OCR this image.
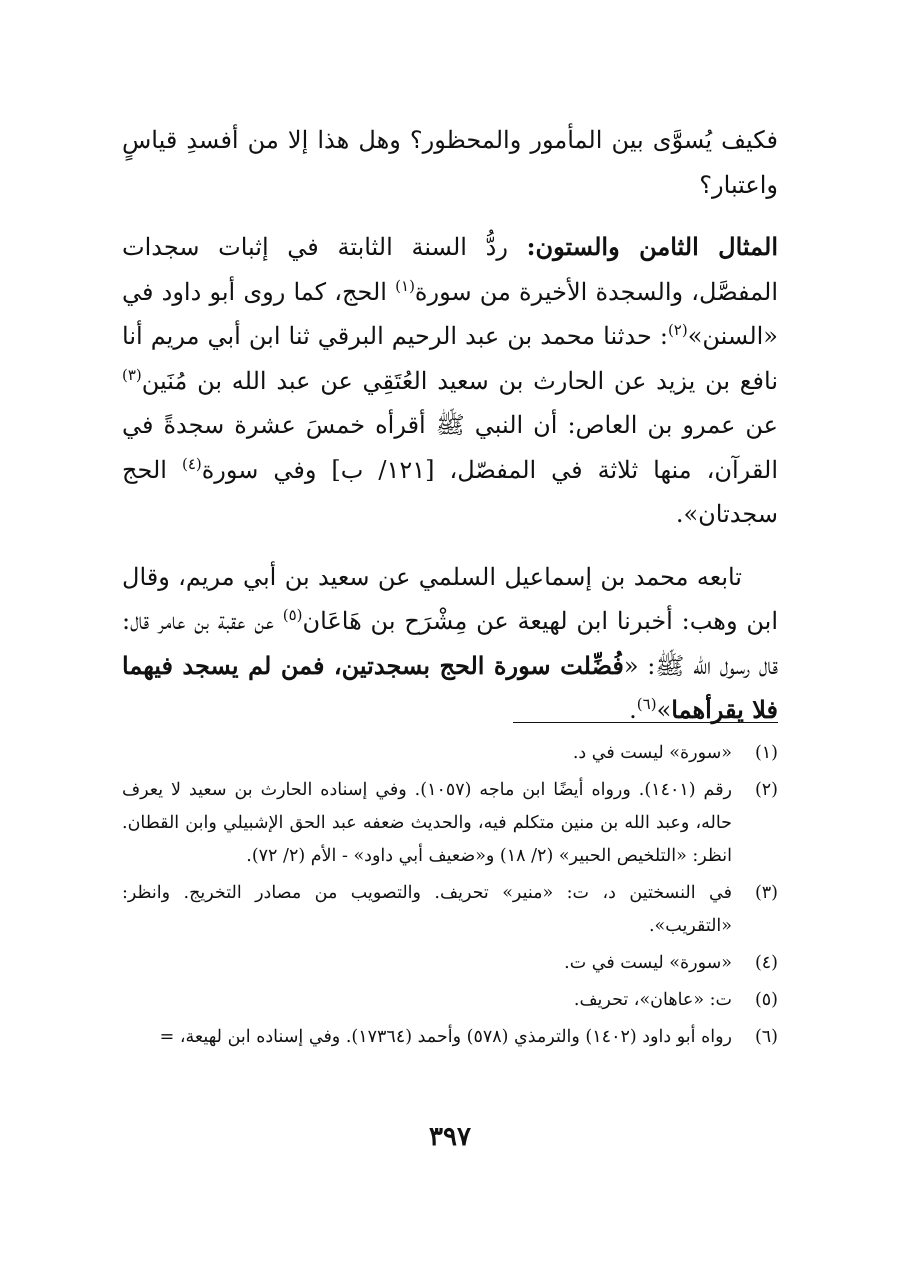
فكيف يُسوَّى بين المأمور والمحظور؟ وهل هذا إلا من أفسدِ قياسٍ واعتبار؟

المثال الثامن والستون: ردُّ السنة الثابتة في إثبات سجدات المفصَّل، والسجدة الأخيرة من سورة$^{(١)}$ الحج، كما روى أبو داود في «السنن»$^{(٢)}$: حدثنا محمد بن عبد الرحيم البرقي ثنا ابن أبي مريم أنا نافع بن يزيد عن الحارث بن سعيد العُتَقِي عن عبد الله بن مُنَين$^{(٣)}$ عن عمرو بن العاص: أن النبي ﷺ أقرأه خمسَ عشرة سجدةً في القرآن، منها ثلاثة في المفصّل، [١٢١/ ب] وفي سورة$^{(٤)}$ الحج سجدتان».

تابعه محمد بن إسماعيل السلمي عن سعيد بن أبي مريم، وقال ابن وهب: أخبرنا ابن لهيعة عن مِشْرَح بن هَاعَان$^{(٥)}$ عن عقبة بن عامر قال: قال رسول الله ﷺ: «فُضِّلت سورة الحج بسجدتين، فمن لم يسجد فيهما فلا يقرأهما»$^{(٦)}$.

(١)
«سورة» ليست في د.
(٢)
رقم (١٤٠١). ورواه أيضًا ابن ماجه (١٠٥٧). وفي إسناده الحارث بن سعيد لا يعرف حاله، وعبد الله بن منين متكلم فيه، والحديث ضعفه عبد الحق الإشبيلي وابن القطان. انظر: «التلخيص الحبير» (٢/ ١٨) و«ضعيف أبي داود» - الأم (٢/ ٧٢).
(٣)
في النسختين د، ت: «منير» تحريف. والتصويب من مصادر التخريج. وانظر: «التقريب».
(٤)
«سورة» ليست في ت.
(٥)
ت: «عاهان»، تحريف.
(٦)
رواه أبو داود (١٤٠٢) والترمذي (٥٧٨) وأحمد (١٧٣٦٤). وفي إسناده ابن لهيعة، =
٣٩٧
